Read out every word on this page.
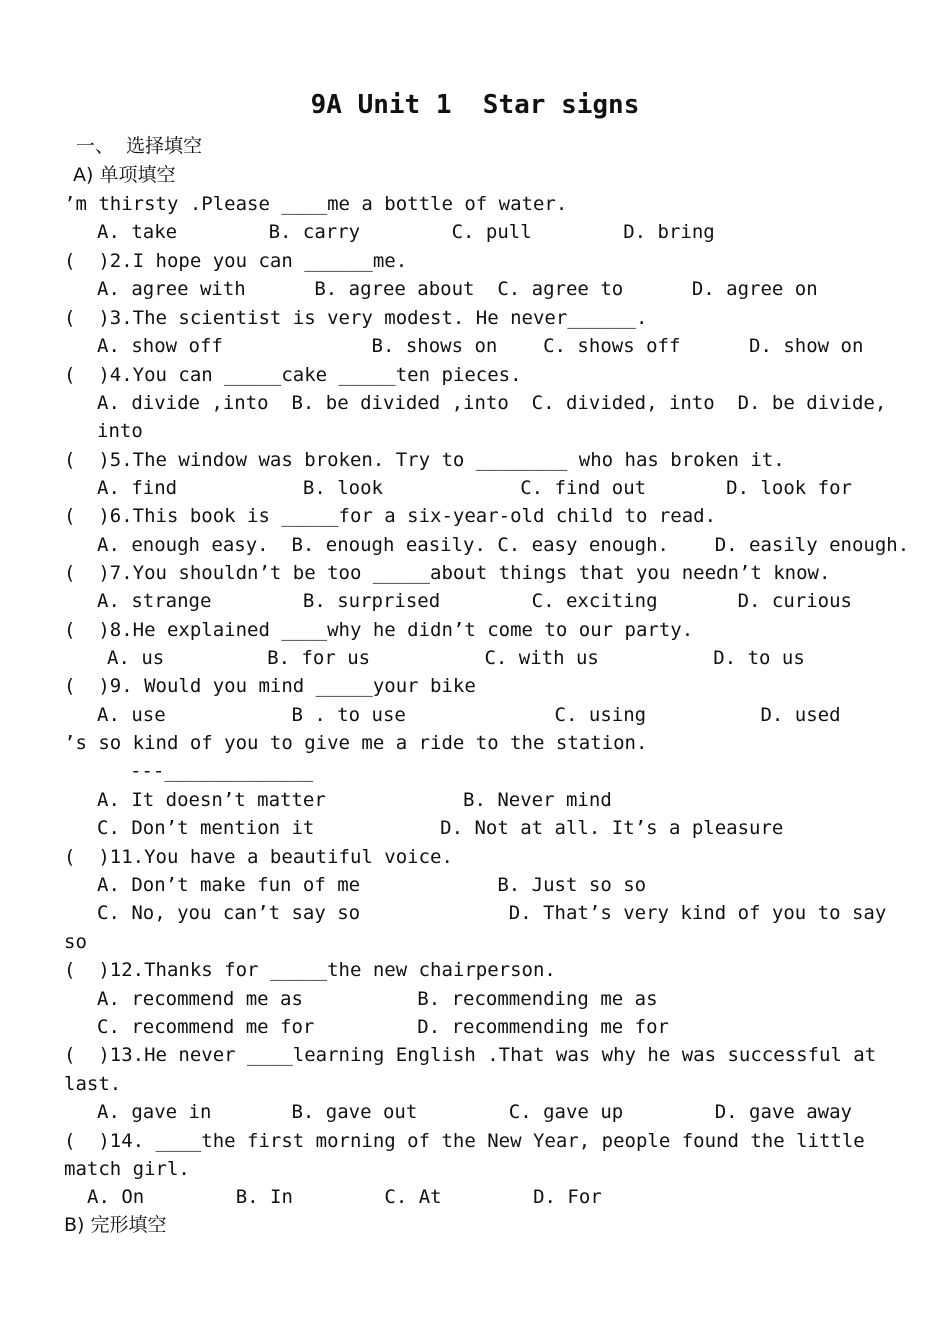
9A Unit 1  Star signs
一、  选择填空
A) 单项填空
’m thirsty .Please ____me a bottle of water.
A. take        B. carry        C. pull        D. bring
(  )2.I hope you can ______me.
A. agree with      B. agree about  C. agree to      D. agree on
(  )3.The scientist is very modest. He never______.
A. show off             B. shows on    C. shows off      D. show on
(  )4.You can _____cake _____ten pieces.
A. divide ,into  B. be divided ,into  C. divided, into  D. be divide,
into
(  )5.The window was broken. Try to ________ who has broken it.
A. find           B. look            C. find out       D. look for
(  )6.This book is _____for a six-year-old child to read.
A. enough easy.  B. enough easily. C. easy enough.    D. easily enough.
(  )7.You shouldn’t be too _____about things that you needn’t know.
A. strange        B. surprised        C. exciting       D. curious
(  )8.He explained ____why he didn’t come to our party.
A. us         B. for us          C. with us          D. to us
(  )9. Would you mind _____your bike
A. use           B . to use             C. using          D. used
’s so kind of you to give me a ride to the station.
---_____________
A. It doesn’t matter            B. Never mind
C. Don’t mention it           D. Not at all. It’s a pleasure
(  )11.You have a beautiful voice.
A. Don’t make fun of me            B. Just so so
C. No, you can’t say so             D. That’s very kind of you to say
so
(  )12.Thanks for _____the new chairperson.
A. recommend me as          B. recommending me as
C. recommend me for         D. recommending me for
(  )13.He never ____learning English .That was why he was successful at
last.
A. gave in       B. gave out        C. gave up        D. gave away
(  )14. ____the first morning of the New Year, people found the little
match girl.
A. On        B. In        C. At        D. For
B) 完形填空
